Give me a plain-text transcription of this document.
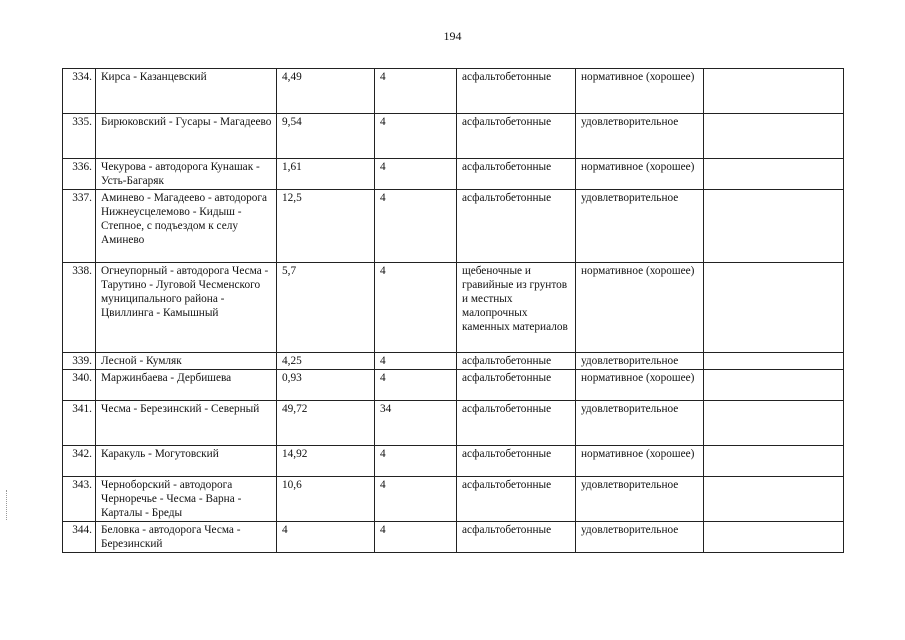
194
334.	Кирса - Казанцевский	4,49	4	асфальтобетонные	нормативное (хорошее)	
335.	Бирюковский - Гусары - Магадеево	9,54	4	асфальтобетонные	удовлетворительное	
336.	Чекурова - автодорога Кунашак - Усть-Багаряк	1,61	4	асфальтобетонные	нормативное (хорошее)	
337.	Аминево - Магадеево - автодорога Нижнеусцелемово - Кидыш - Степное, с подъездом к селу Аминево	12,5	4	асфальтобетонные	удовлетворительное	
338.	Огнеупорный - автодорога Чесма - Тарутино - Луговой Чесменского муниципального района - Цвиллинга - Камышный	5,7	4	щебеночные и гравийные из грунтов и местных малопрочных каменных материалов	нормативное (хорошее)	
339.	Лесной - Кумляк	4,25	4	асфальтобетонные	удовлетворительное	
340.	Маржинбаева - Дербишева	0,93	4	асфальтобетонные	нормативное (хорошее)	
341.	Чесма - Березинский - Северный	49,72	34	асфальтобетонные	удовлетворительное	
342.	Каракуль - Могутовский	14,92	4	асфальтобетонные	нормативное (хорошее)	
343.	Черноборский - автодорога Черноречье - Чесма - Варна - Карталы - Бреды	10,6	4	асфальтобетонные	удовлетворительное	
344.	Беловка - автодорога Чесма - Березинский	4	4	асфальтобетонные	удовлетворительное	
